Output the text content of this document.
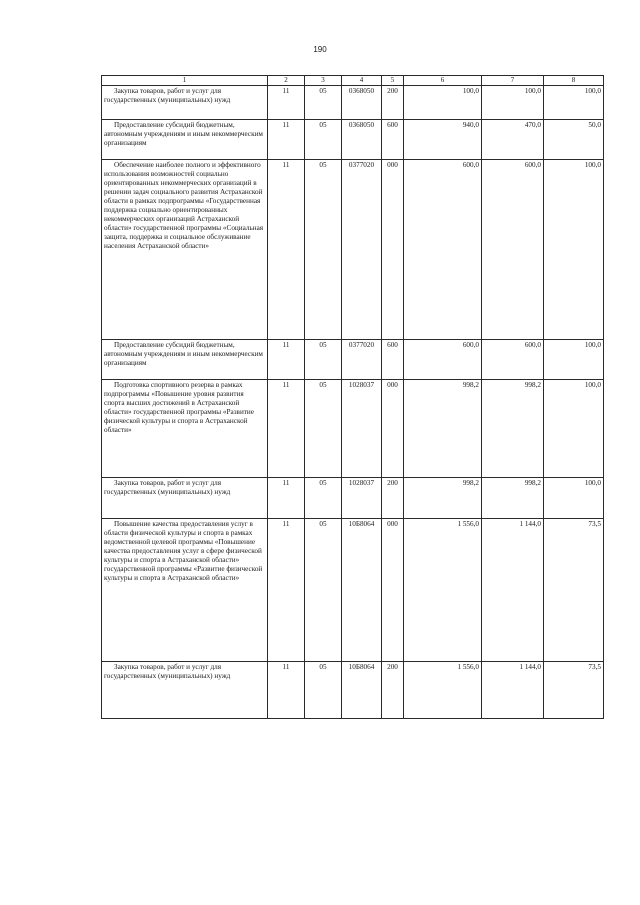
190
1	2	3	4	5	6	7	8
Закупка товаров, работ и услуг для государственных (муниципальных) нужд	11	05	0368050	200	100,0	100,0	100,0
Предоставление субсидий бюджетным, автономным учреждениям и иным некоммерческим организациям	11	05	0368050	600	940,0	470,0	50,0
Обеспечение наиболее полного и эффективного использования возможностей социально ориентированных некоммерческих организаций в решении задач социального развития Астраханской области в рамках подпрограммы «Государственная поддержка социально ориентированных некоммерческих организаций Астраханской области» государственной программы «Социальная защита, поддержка и социальное обслуживание населения Астраханской области»	11	05	0377020	000	600,0	600,0	100,0
Предоставление субсидий бюджетным, автономным учреждениям и иным некоммерческим организациям	11	05	0377020	600	600,0	600,0	100,0
Подготовка спортивного резерва в рамках подпрограммы «Повышение уровня развития спорта высших достижений в Астраханской области» государственной программы «Развитие физической культуры и спорта в Астраханской области»	11	05	1028037	000	998,2	998,2	100,0
Закупка товаров, работ и услуг для государственных (муниципальных) нужд	11	05	1028037	200	998,2	998,2	100,0
Повышение качества предоставления услуг в области физической культуры и спорта в рамках ведомственной целевой программы «Повышение качества предоставления услуг в сфере физической культуры и спорта в Астраханской области» государственной программы «Развитие физической культуры и спорта в Астраханской области»	11	05	10Б8064	000	1 556,0	1 144,0	73,5
Закупка товаров, работ и услуг для государственных (муниципальных) нужд	11	05	10Б8064	200	1 556,0	1 144,0	73,5
